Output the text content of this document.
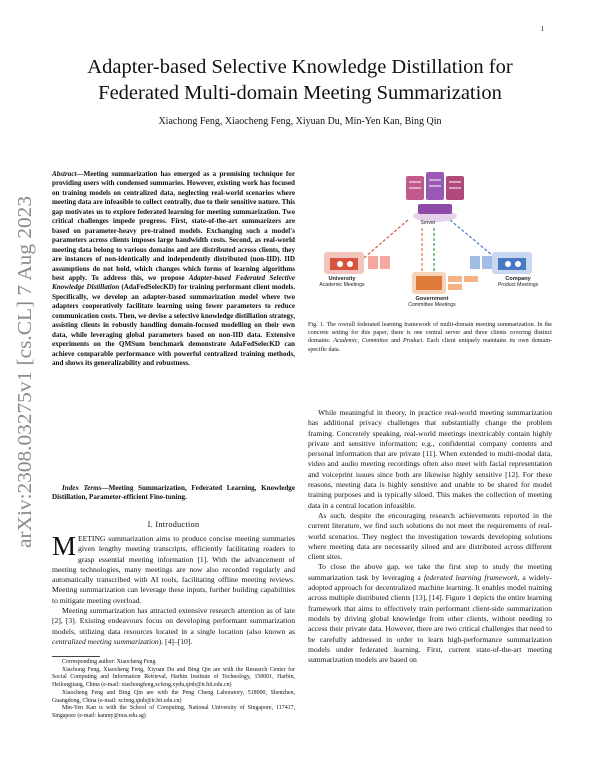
1
arXiv:2308.03275v1 [cs.CL] 7 Aug 2023
Adapter-based Selective Knowledge Distillation for
Federated Multi-domain Meeting Summarization
Xiachong Feng, Xiaocheng Feng, Xiyuan Du, Min-Yen Kan, Bing Qin

Abstract—Meeting summarization has emerged as a promising technique for providing users with condensed summaries. However, existing work has focused on training models on centralized data, neglecting real-world scenarios where meeting data are infeasible to collect centrally, due to their sensitive nature. This gap motivates us to explore federated learning for meeting summarization. Two critical challenges impede progress. First, state-of-the-art summarizers are based on parameter-heavy pre-trained models. Exchanging such a model's parameters across clients imposes large bandwidth costs. Second, as real-world meeting data belong to various domains and are distributed across clients, they are instances of non-identically and independently distributed (non-IID). IID assumptions do not hold, which changes which forms of learning algorithms best apply. To address this, we propose Adapter-based Federated Selective Knowledge Distillation (AdaFedSelecKD) for training performant client models. Specifically, we develop an adapter-based summarization model where two adapters cooperatively facilitate learning using fewer parameters to reduce communication costs. Then, we devise a selective knowledge distillation strategy, assisting clients in robustly handling domain-focused modelling on their own data, while leveraging global parameters based on non-IID data. Extensive experiments on the QMSum benchmark demonstrate AdaFedSelecKD can achieve comparable performance with powerful centralized training methods, and shows its generalizability and robustness.

Index Terms—Meeting Summarization, Federated Learning, Knowledge Distillation, Parameter-efficient Fine-tuning.

I. Introduction

MEETING summarization aims to produce concise meeting summaries given lengthy meeting transcripts, efficiently facilitating readers to grasp essential meeting information [1]. With the advancement of meeting technologies, many meetings are now also recorded regularly and automatically transcribed with AI tools, facilitating offline meeting reviews. Meeting summarization can leverage these inputs, further building capabilities to mitigate meeting overload.

Meeting summarization has attracted extensive research attention as of late [2], [3]. Existing endeavours focus on developing performant summarization models, utilizing data resources located in a single location (also known as centralized meeting summarization). [4]–[10].

Corresponding author: Xiaocheng Feng

Xiachong Feng, Xiaocheng Feng, Xiyuan Du and Bing Qin are with the Research Center for Social Computing and Information Retrieval, Harbin Institute of Technology, 150001, Harbin, Heilongjiang, China (e-mail: xiachongfeng,xcfeng,xydu,qinb@ir.hit.edu.cn)

Xiaocheng Feng and Bing Qin are with the Peng Cheng Laboratory, 518000, Shenzhen, Guangdong, China (e-mail: xcfeng,qinb@ir.hit.edu.cn)

Min-Yen Kan is with the School of Computing, National University of Singapore, 117417, Singapore (e-mail: kanmy@nus.edu.sg)

Server
University
Academic Meetings
Government
Committee Meetings
Company
Product Meetings

Fig. 1. The overall federated learning framework of multi-domain meeting summarization. In the concrete setting for this paper, there is one central server and three clients covering distinct domains: Academic, Committee and Product. Each client uniquely maintains its own domain-specific data.

While meaningful in theory, in practice real-world meeting summarization has additional privacy challenges that substantially change the problem framing. Concretely speaking, real-world meetings inextricably contain highly private and sensitive information; e.g., confidential company contents and personal information that are private [11]. When extended to multi-modal data, video and audio meeting recordings often also meet with facial representation and voiceprint issues since both are likewise highly sensitive [12]. For these reasons, meeting data is highly sensitive and unable to be shared for model training purposes and is typically siloed. This makes the collection of meeting data in a central location infeasible.

As such, despite the encouraging research achievements reported in the current literature, we find such solutions do not meet the requirements of real-world scenarios. They neglect the investigation towards developing solutions where meeting data are necessarily siloed and are distributed across different client sites.

To close the above gap, we take the first step to study the meeting summarization task by leveraging a federated learning framework, a widely-adopted approach for decentralized machine learning. It enables model training across multiple distributed clients [13], [14]. Figure 1 depicts the entire learning framework that aims to effectively train performant client-side summarization models by driving global knowledge from other clients, without needing to access their private data. However, there are two critical challenges that need to be carefully addressed in order to learn high-performance summarization models under federated learning. First, current state-of-the-art meeting summarization models are based on
